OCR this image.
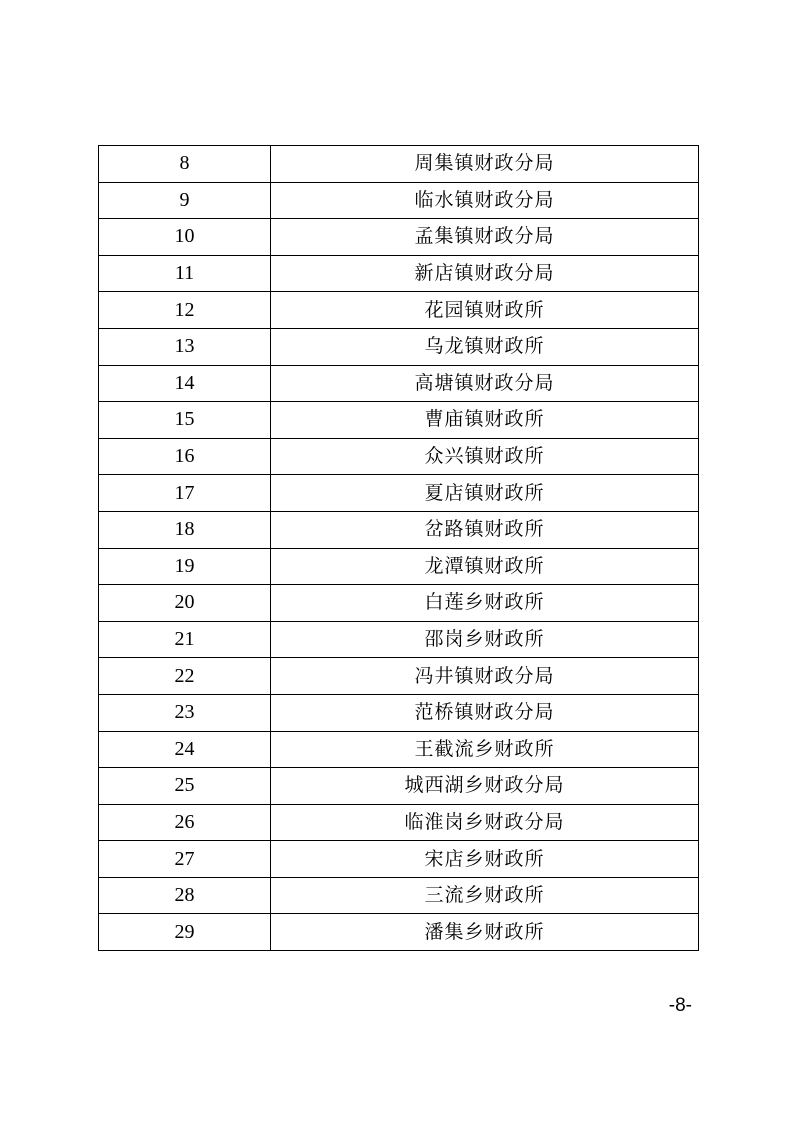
8	周集镇财政分局
9	临水镇财政分局
10	孟集镇财政分局
11	新店镇财政分局
12	花园镇财政所
13	乌龙镇财政所
14	高塘镇财政分局
15	曹庙镇财政所
16	众兴镇财政所
17	夏店镇财政所
18	岔路镇财政所
19	龙潭镇财政所
20	白莲乡财政所
21	邵岗乡财政所
22	冯井镇财政分局
23	范桥镇财政分局
24	王截流乡财政所
25	城西湖乡财政分局
26	临淮岗乡财政分局
27	宋店乡财政所
28	三流乡财政所
29	潘集乡财政所
-8-
